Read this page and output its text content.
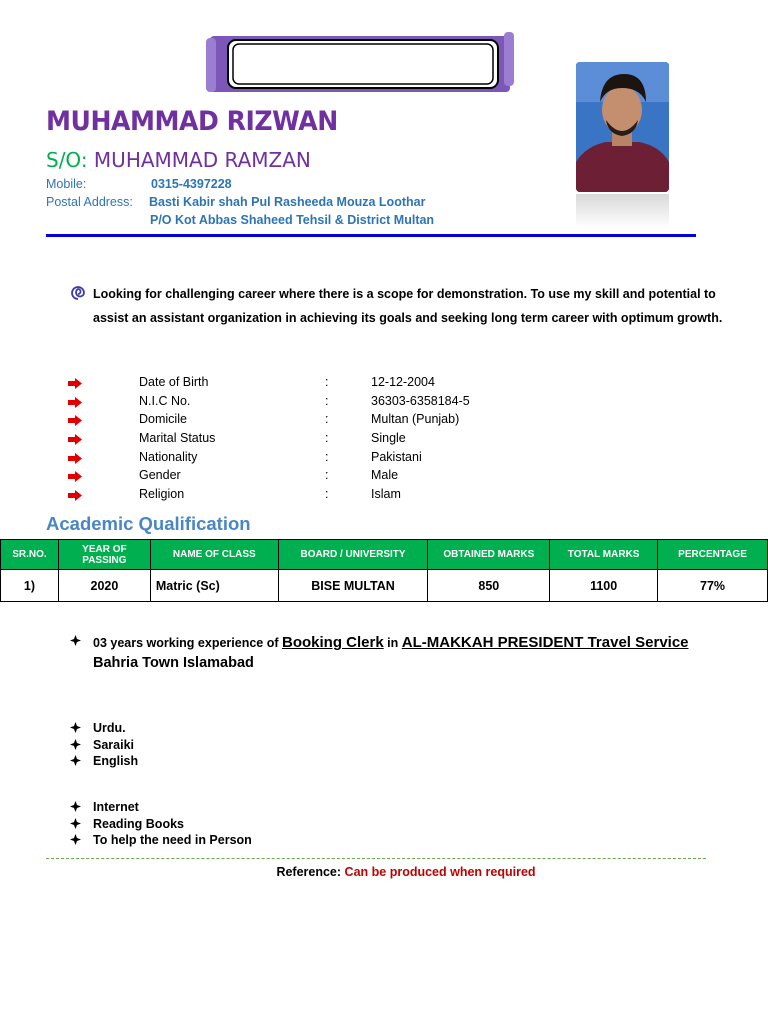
MUHAMMAD RIZWAN
S/O: MUHAMMAD RAMZAN
Mobile:	0315-4397228
Postal Address: Basti Kabir shah Pul Rasheeda Mouza Loothar
P/O Kot Abbas Shaheed Tehsil & District Multan
Looking for challenging career where there is a scope for demonstration. To use my skill and potential to assist an assistant organization in achieving its goals and seeking long term career with optimum growth.
Date of Birth	:	12-12-2004
N.I.C No.	:	36303-6358184-5
Domicile	:	Multan (Punjab)
Marital Status	:	Single
Nationality	:	Pakistani
Gender	:	Male
Religion	:	Islam
Academic Qualification
SR.NO.	YEAR OF PASSING	NAME OF CLASS	BOARD / UNIVERSITY	OBTAINED MARKS	TOTAL MARKS	PERCENTAGE
1)	2020	Matric (Sc)	BISE MULTAN	850	1100	77%
03 years working experience of Booking Clerk in AL-MAKKAH PRESIDENT Travel Service
Bahria Town Islamabad
Urdu.
Saraiki
English
Internet
Reading Books
To help the need in Person
Reference: Can be produced when required
